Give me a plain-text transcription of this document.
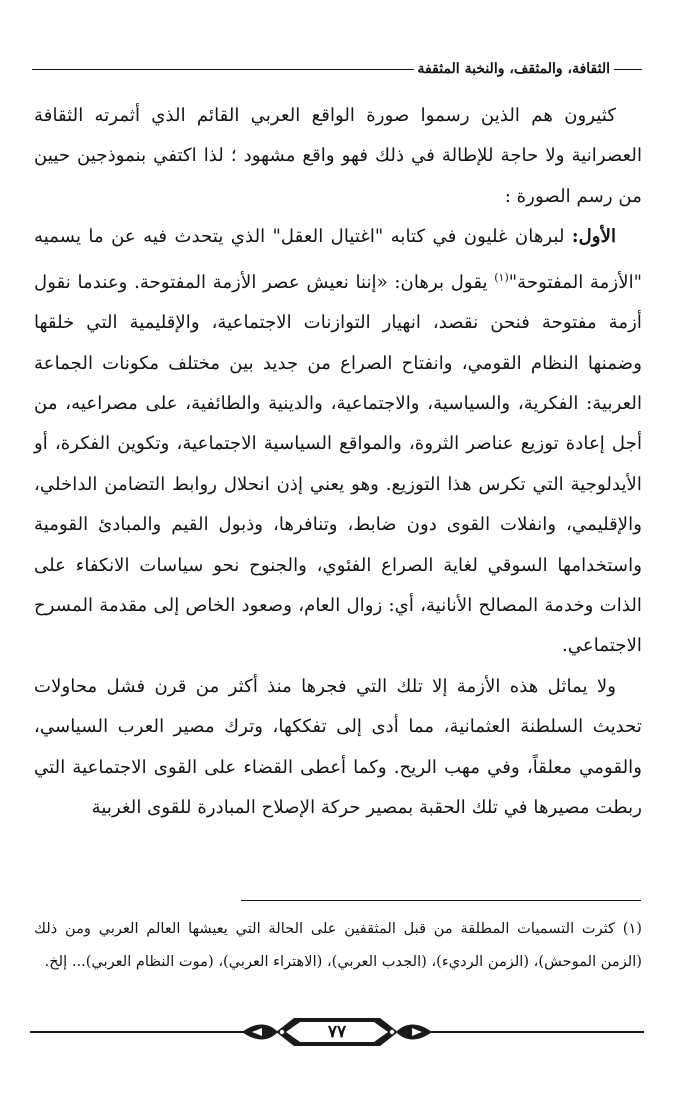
الثقافة، والمثقف، والنخبة المثقفة

كثيرون هم الذين رسموا صورة الواقع العربي القائم الذي أثمرته الثقافة العصرانية ولا حاجة للإطالة في ذلك فهو واقع مشهود ؛ لذا اكتفي بنموذجين حيين من رسم الصورة :

الأول: لبرهان غليون في كتابه "اغتيال العقل" الذي يتحدث فيه عن ما يسميه "الأزمة المفتوحة"$^{(١)}$ يقول برهان: «إننا نعيش عصر الأزمة المفتوحة. وعندما نقول أزمة مفتوحة فنحن نقصد، انهيار التوازنات الاجتماعية، والإقليمية التي خلقها وضمنها النظام القومي، وانفتاح الصراع من جديد بين مختلف مكونات الجماعة العربية: الفكرية، والسياسية، والاجتماعية، والدينية والطائفية، على مصراعيه، من أجل إعادة توزيع عناصر الثروة، والمواقع السياسية الاجتماعية، وتكوين الفكرة، أو الأيدلوجية التي تكرس هذا التوزيع. وهو يعني إذن انحلال روابط التضامن الداخلي، والإقليمي، وانفلات القوى دون ضابط، وتنافرها، وذبول القيم والمبادئ القومية واستخدامها السوقي لغاية الصراع الفئوي، والجنوح نحو سياسات الانكفاء على الذات وخدمة المصالح الأنانية، أي: زوال العام، وصعود الخاص إلى مقدمة المسرح الاجتماعي.

ولا يماثل هذه الأزمة إلا تلك التي فجرها منذ أكثر من قرن فشل محاولات تحديث السلطنة العثمانية، مما أدى إلى تفككها، وترك مصير العرب السياسي، والقومي معلقاً، وفي مهب الريح. وكما أعطى القضاء على القوى الاجتماعية التي ربطت مصيرها في تلك الحقبة بمصير حركة الإصلاح المبادرة للقوى الغربية

(١) كثرت التسميات المطلقة من قبل المثقفين على الحالة التي يعيشها العالم العربي ومن ذلك (الزمن الموحش)، (الزمن الرديء)، (الجدب العربي)، (الاهتراء العربي)، (موت النظام العربي)... إلخ.

٧٧
